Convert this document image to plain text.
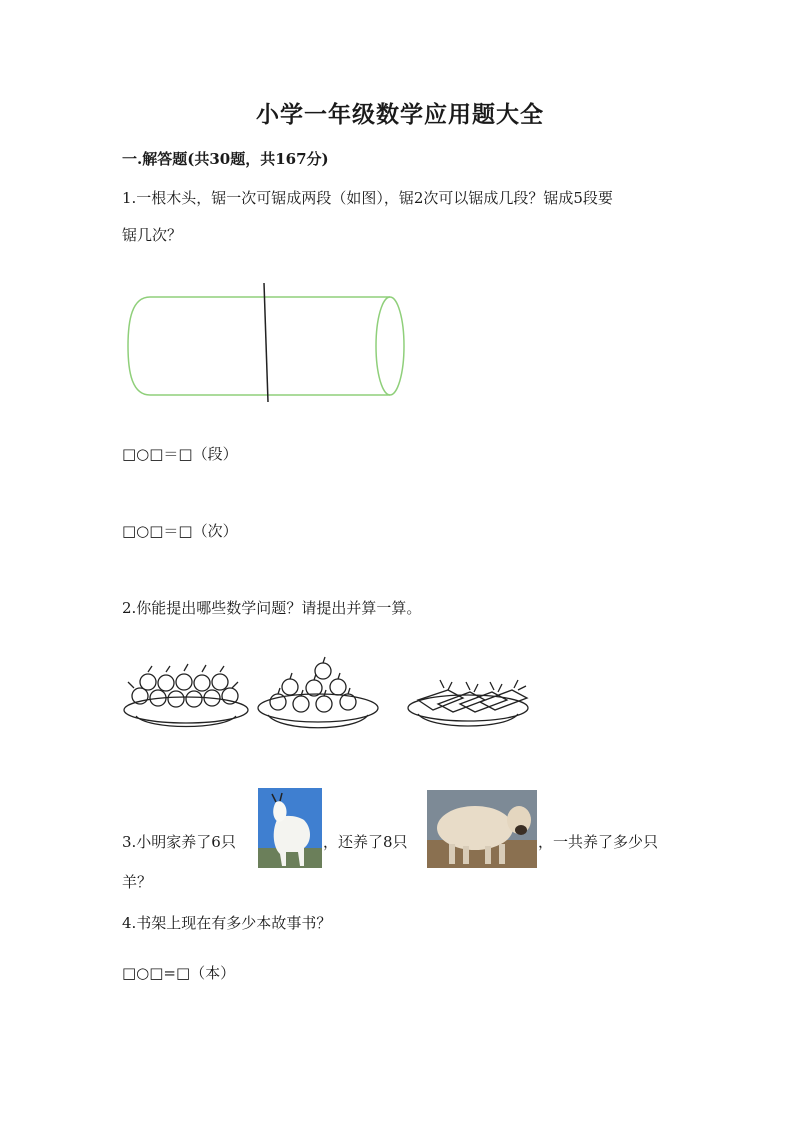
小学一年级数学应用题大全
一.解答题(共30题，共167分)
1.一根木头，锯一次可锯成两段（如图），锯2次可以锯成几段？锯成5段要
锯几次？
□○□＝□（段）
□○□＝□（次）
2.你能提出哪些数学问题？请提出并算一算。
3.小明家养了6只	，还养了8只	，一共养了多少只
羊？
4.书架上现在有多少本故事书？
□○□=□（本）
